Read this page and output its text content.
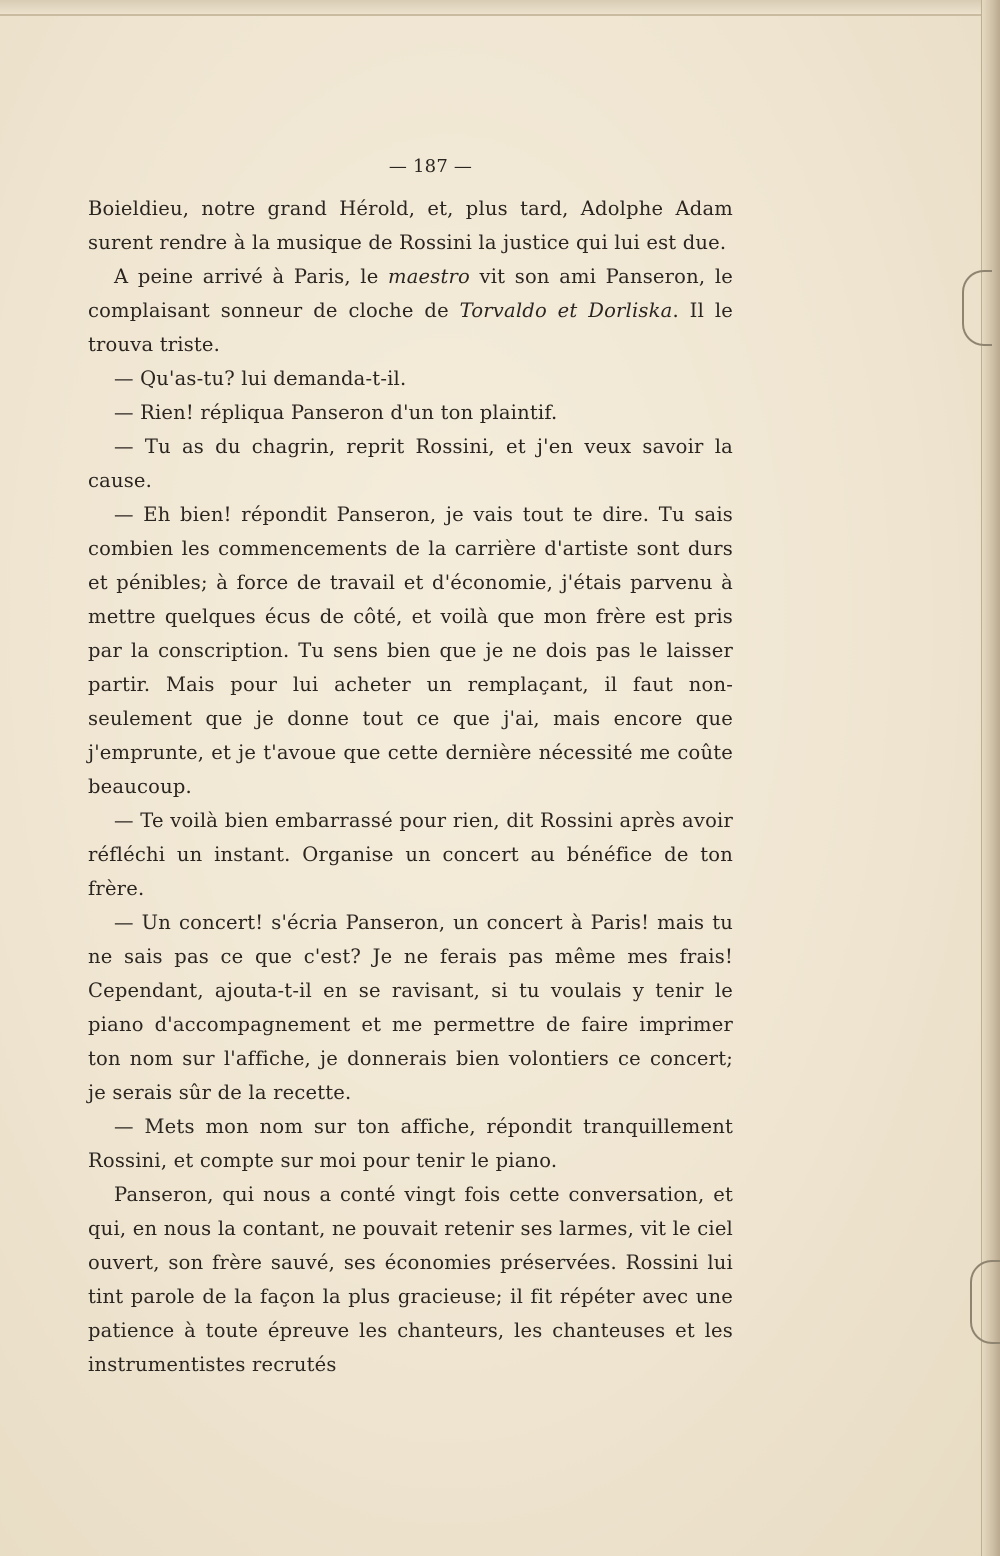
— 187 —

Boieldieu, notre grand Hérold, et, plus tard, Adolphe Adam surent rendre à la musique de Rossini la justice qui lui est due.

A peine arrivé à Paris, le maestro vit son ami Panseron, le complaisant sonneur de cloche de Torvaldo et Dorliska. Il le trouva triste.

— Qu'as-tu? lui demanda-t-il.

— Rien! répliqua Panseron d'un ton plaintif.

— Tu as du chagrin, reprit Rossini, et j'en veux savoir la cause.

— Eh bien! répondit Panseron, je vais tout te dire. Tu sais combien les commencements de la carrière d'artiste sont durs et pénibles; à force de travail et d'économie, j'étais parvenu à mettre quelques écus de côté, et voilà que mon frère est pris par la conscription. Tu sens bien que je ne dois pas le laisser partir. Mais pour lui acheter un remplaçant, il faut non-seulement que je donne tout ce que j'ai, mais encore que j'emprunte, et je t'avoue que cette dernière nécessité me coûte beaucoup.

— Te voilà bien embarrassé pour rien, dit Rossini après avoir réfléchi un instant. Organise un concert au bénéfice de ton frère.

— Un concert! s'écria Panseron, un concert à Paris! mais tu ne sais pas ce que c'est? Je ne ferais pas même mes frais! Cependant, ajouta-t-il en se ravisant, si tu voulais y tenir le piano d'accompagnement et me permettre de faire imprimer ton nom sur l'affiche, je donnerais bien volontiers ce concert; je serais sûr de la recette.

— Mets mon nom sur ton affiche, répondit tranquillement Rossini, et compte sur moi pour tenir le piano.

Panseron, qui nous a conté vingt fois cette conversation, et qui, en nous la contant, ne pouvait retenir ses larmes, vit le ciel ouvert, son frère sauvé, ses économies préservées. Rossini lui tint parole de la façon la plus gracieuse; il fit répéter avec une patience à toute épreuve les chanteurs, les chanteuses et les instrumentistes recrutés
